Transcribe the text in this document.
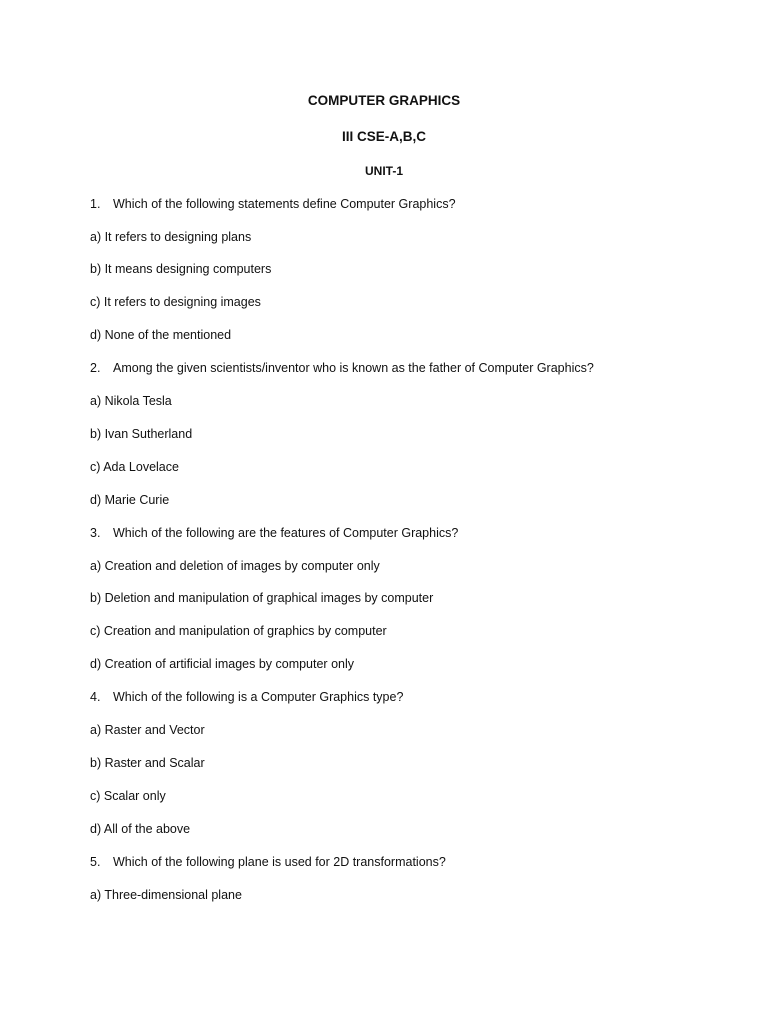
COMPUTER GRAPHICS
III CSE-A,B,C
UNIT-1
1. Which of the following statements define Computer Graphics?
a) It refers to designing plans
b) It means designing computers
c) It refers to designing images
d) None of the mentioned
2. Among the given scientists/inventor who is known as the father of Computer Graphics?
a) Nikola Tesla
b) Ivan Sutherland
c) Ada Lovelace
d) Marie Curie
3. Which of the following are the features of Computer Graphics?
a) Creation and deletion of images by computer only
b) Deletion and manipulation of graphical images by computer
c) Creation and manipulation of graphics by computer
d) Creation of artificial images by computer only
4. Which of the following is a Computer Graphics type?
a) Raster and Vector
b) Raster and Scalar
c) Scalar only
d) All of the above
5. Which of the following plane is used for 2D transformations?
a) Three-dimensional plane
